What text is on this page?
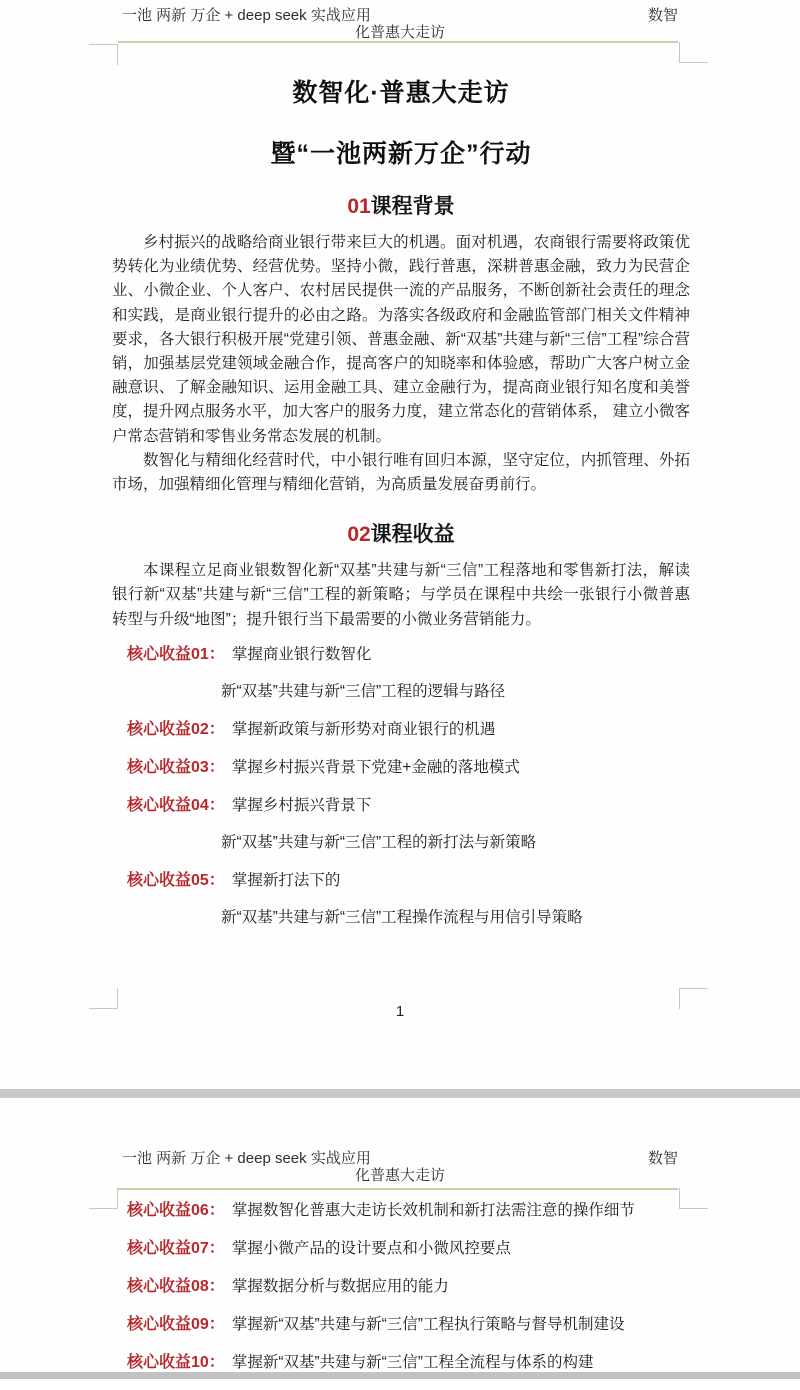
一池 两新 万企 + deep seek 实战应用	数智
化普惠大走访
数智化·普惠大走访
暨“一池两新万企”行动
01课程背景

乡村振兴的战略给商业银行带来巨大的机遇。面对机遇，农商银行需要将政策优势转化为业绩优势、经营优势。坚持小微，践行普惠，深耕普惠金融，致力为民营企业、小微企业、个人客户、农村居民提供一流的产品服务，不断创新社会责任的理念和实践，是商业银行提升的必由之路。为落实各级政府和金融监管部门相关文件精神要求，各大银行积极开展“党建引领、普惠金融、新“双基”共建与新“三信”工程”综合营销，加强基层党建领域金融合作，提高客户的知晓率和体验感，帮助广大客户树立金融意识、了解金融知识、运用金融工具、建立金融行为，提高商业银行知名度和美誉度，提升网点服务水平，加大客户的服务力度，建立常态化的营销体系， 建立小微客户常态营销和零售业务常态发展的机制。

数智化与精细化经营时代，中小银行唯有回归本源，坚守定位，内抓管理、外拓市场，加强精细化管理与精细化营销，为高质量发展奋勇前行。

02课程收益

本课程立足商业银数智化新“双基”共建与新“三信”工程落地和零售新打法，解读银行新“双基”共建与新“三信”工程的新策略；与学员在课程中共绘一张银行小微普惠转型与升级“地图”；提升银行当下最需要的小微业务营销能力。

核心收益01： 掌握商业银行数智化

新“双基”共建与新“三信”工程的逻辑与路径

核心收益02： 掌握新政策与新形势对商业银行的机遇

核心收益03： 掌握乡村振兴背景下党建+金融的落地模式

核心收益04： 掌握乡村振兴背景下

新“双基”共建与新“三信”工程的新打法与新策略

核心收益05： 掌握新打法下的

新“双基”共建与新“三信”工程操作流程与用信引导策略

1
一池 两新 万企 + deep seek 实战应用	数智
化普惠大走访

核心收益06： 掌握数智化普惠大走访长效机制和新打法需注意的操作细节

核心收益07： 掌握小微产品的设计要点和小微风控要点

核心收益08： 掌握数据分析与数据应用的能力

核心收益09： 掌握新“双基”共建与新“三信”工程执行策略与督导机制建设

核心收益10： 掌握新“双基”共建与新“三信”工程全流程与体系的构建
